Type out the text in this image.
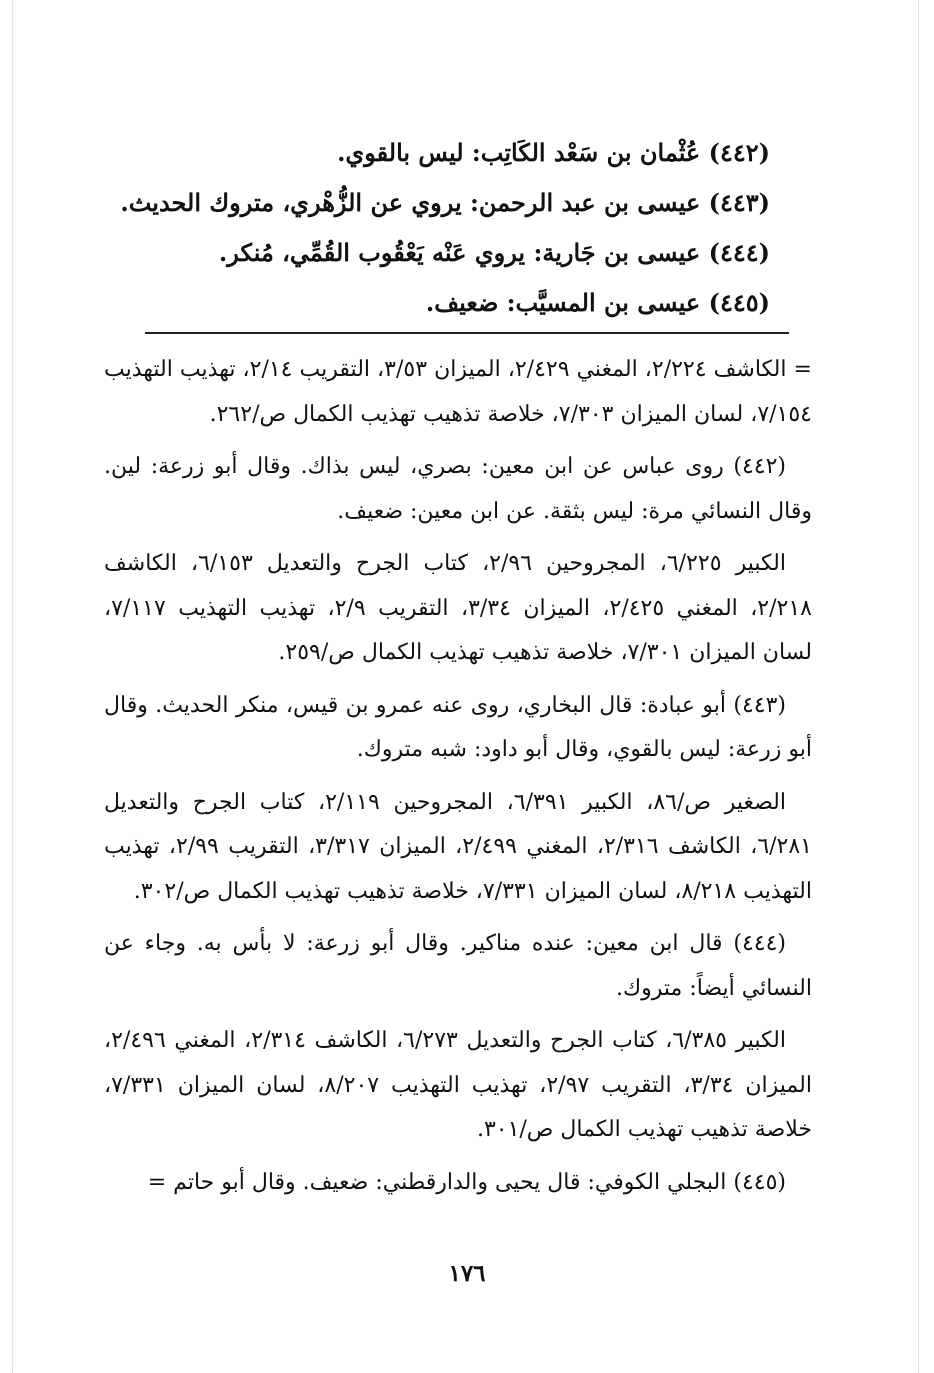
(٤٤٢) عُثْمان بن سَعْد الكَاتِب: ليس بالقوي.
(٤٤٣) عيسى بن عبد الرحمن: يروي عن الزُّهْري، متروك الحديث.
(٤٤٤) عيسى بن جَارية: يروي عَنْه يَعْقُوب القُمِّي، مُنكر.
(٤٤٥) عيسى بن المسيَّب: ضعيف.

= الكاشف ٢/٢٢٤، المغني ٢/٤٢٩، الميزان ٣/٥٣، التقريب ٢/١٤، تهذيب التهذيب ٧/١٥٤، لسان الميزان ٧/٣٠٣، خلاصة تذهيب تهذيب الكمال ص/٢٦٢.

(٤٤٢) روى عباس عن ابن معين: بصري، ليس بذاك. وقال أبو زرعة: لين. وقال النسائي مرة: ليس بثقة. عن ابن معين: ضعيف.

الكبير ٦/٢٢٥، المجروحين ٢/٩٦، كتاب الجرح والتعديل ٦/١٥٣، الكاشف ٢/٢١٨، المغني ٢/٤٢٥، الميزان ٣/٣٤، التقريب ٢/٩، تهذيب التهذيب ٧/١١٧، لسان الميزان ٧/٣٠١، خلاصة تذهيب تهذيب الكمال ص/٢٥٩.

(٤٤٣) أبو عبادة: قال البخاري، روى عنه عمرو بن قيس، منكر الحديث. وقال أبو زرعة: ليس بالقوي، وقال أبو داود: شبه متروك.

الصغير ص/٨٦، الكبير ٦/٣٩١، المجروحين ٢/١١٩، كتاب الجرح والتعديل ٦/٢٨١، الكاشف ٢/٣١٦، المغني ٢/٤٩٩، الميزان ٣/٣١٧، التقريب ٢/٩٩، تهذيب التهذيب ٨/٢١٨، لسان الميزان ٧/٣٣١، خلاصة تذهيب تهذيب الكمال ص/٣٠٢.

(٤٤٤) قال ابن معين: عنده مناكير. وقال أبو زرعة: لا بأس به. وجاء عن النسائي أيضاً: متروك.

الكبير ٦/٣٨٥، كتاب الجرح والتعديل ٦/٢٧٣، الكاشف ٢/٣١٤، المغني ٢/٤٩٦، الميزان ٣/٣٤، التقريب ٢/٩٧، تهذيب التهذيب ٨/٢٠٧، لسان الميزان ٧/٣٣١، خلاصة تذهيب تهذيب الكمال ص/٣٠١.

(٤٤٥) البجلي الكوفي: قال يحيى والدارقطني: ضعيف. وقال أبو حاتم =

١٧٦
